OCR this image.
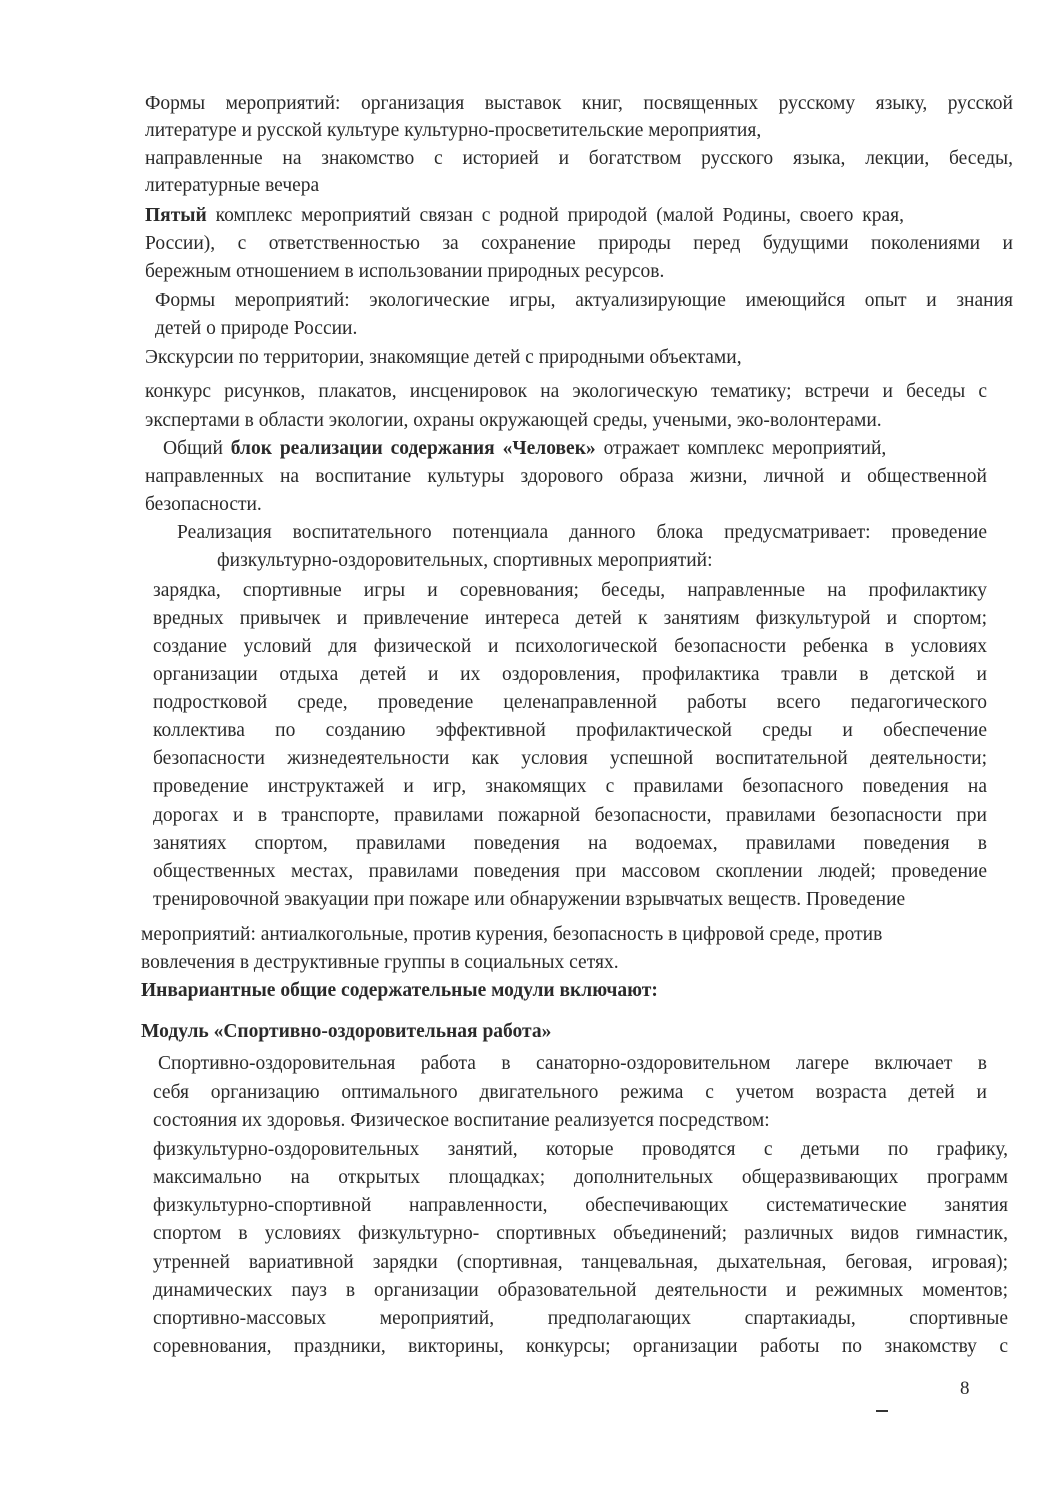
Формы мероприятий: организация выставок книг, посвященных русскому языку, русской

литературе и русской культуре культурно-просветительские мероприятия,

направленные на знакомство с историей и богатством русского языка, лекции, беседы,

литературные вечера

Пятый комплекс мероприятий связан с родной природой (малой Родины, своего края,

России), с ответственностью за сохранение природы перед будущими поколениями и

бережным отношением в использовании природных ресурсов.

Формы мероприятий: экологические игры, актуализирующие имеющийся опыт и знания

детей о природе России.

Экскурсии по территории, знакомящие детей с природными объектами,

конкурс рисунков, плакатов, инсценировок на экологическую тематику; встречи и беседы с

экспертами в области экологии, охраны окружающей среды, учеными, эко-волонтерами.

Общий блок реализации содержания «Человек» отражает комплекс мероприятий,

направленных на воспитание культуры здорового образа жизни, личной и общественной

безопасности.

Реализация воспитательного потенциала данного блока предусматривает: проведение

физкультурно-оздоровительных, спортивных мероприятий:

зарядка, спортивные игры и соревнования; беседы, направленные на профилактику

вредных привычек и привлечение интереса детей к занятиям физкультурой и спортом;

создание условий для физической и психологической безопасности ребенка в условиях

организации отдыха детей и их оздоровления, профилактика травли в детской и

подростковой среде, проведение целенаправленной работы всего педагогического

коллектива по созданию эффективной профилактической среды и обеспечение

безопасности жизнедеятельности как условия успешной воспитательной деятельности;

проведение инструктажей и игр, знакомящих с правилами безопасного поведения на

дорогах и в транспорте, правилами пожарной безопасности, правилами безопасности при

занятиях спортом, правилами поведения на водоемах, правилами поведения в

общественных местах, правилами поведения при массовом скоплении людей; проведение

тренировочной эвакуации при пожаре или обнаружении взрывчатых веществ. Проведение

мероприятий: антиалкогольные, против курения, безопасность в цифровой среде, против

вовлечения в деструктивные группы в социальных сетях.

Инвариантные общие содержательные модули включают:

Модуль «Спортивно-оздоровительная работа»

Спортивно-оздоровительная работа в санаторно-оздоровительном лагере включает в

себя организацию оптимального двигательного режима с учетом возраста детей и

состояния их здоровья. Физическое воспитание реализуется посредством:

физкультурно-оздоровительных занятий, которые проводятся с детьми по графику,

максимально на открытых площадках; дополнительных общеразвивающих программ

физкультурно-спортивной направленности, обеспечивающих систематические занятия

спортом в условиях физкультурно- спортивных объединений; различных видов гимнастик,

утренней вариативной зарядки (спортивная, танцевальная, дыхательная, беговая, игровая);

динамических пауз в организации образовательной деятельности и режимных моментов;

спортивно-массовых мероприятий, предполагающих спартакиады, спортивные

соревнования, праздники, викторины, конкурсы; организации работы по знакомству с

8
